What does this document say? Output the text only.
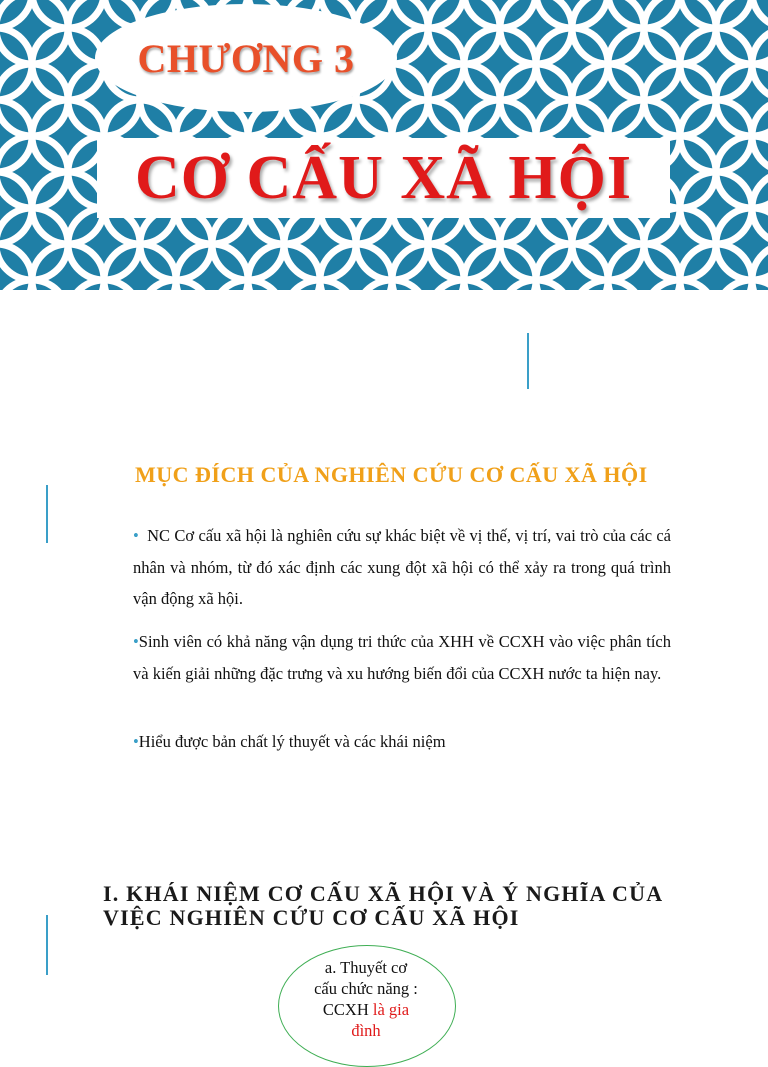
CHƯƠNG 3
CƠ CẤU XÃ HỘI
MỤC ĐÍCH CỦA NGHIÊN CỨU CƠ CẤU XÃ HỘI
• NC Cơ cấu xã hội là nghiên cứu sự khác biệt về vị thế, vị trí, vai trò của các cá nhân và nhóm, từ đó xác định các xung đột xã hội có thể xảy ra trong quá trình vận động xã hội.
•Sinh viên có khả năng vận dụng tri thức của XHH về CCXH vào việc phân tích và kiến giải những đặc trưng và xu hướng biến đổi của CCXH nước ta hiện nay.
•Hiểu được bản chất lý thuyết và các khái niệm
I. KHÁI NIỆM CƠ CẤU XÃ HỘI VÀ Ý NGHĨA CỦA VIỆC NGHIÊN CỨU CƠ CẤU XÃ HỘI
a. Thuyết cơ
cấu chức năng :
CCXH là gia
đình
